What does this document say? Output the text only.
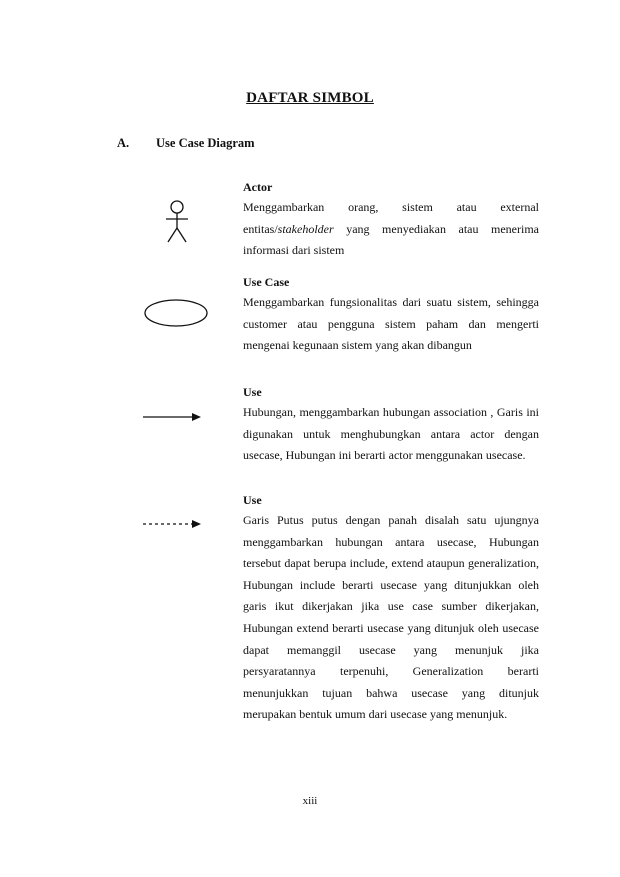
DAFTAR SIMBOL
A. Use Case Diagram
Actor
Menggambarkan orang, sistem atau external entitas/stakeholder yang menyediakan atau menerima informasi dari sistem
Use Case
Menggambarkan fungsionalitas dari suatu sistem, sehingga customer atau pengguna sistem paham dan mengerti mengenai kegunaan sistem yang akan dibangun
Use
Hubungan, menggambarkan hubungan association , Garis ini digunakan untuk menghubungkan antara actor dengan usecase, Hubungan ini berarti actor menggunakan usecase.
Use
Garis Putus putus dengan panah disalah satu ujungnya menggambarkan hubungan antara usecase, Hubungan tersebut dapat berupa include, extend ataupun generalization, Hubungan include berarti usecase yang ditunjukkan oleh garis ikut dikerjakan jika use case sumber dikerjakan, Hubungan extend berarti usecase yang ditunjuk oleh usecase dapat memanggil usecase yang menunjuk jika persyaratannya terpenuhi, Generalization berarti menunjukkan tujuan bahwa usecase yang ditunjuk merupakan bentuk umum dari usecase yang menunjuk.
xiii
